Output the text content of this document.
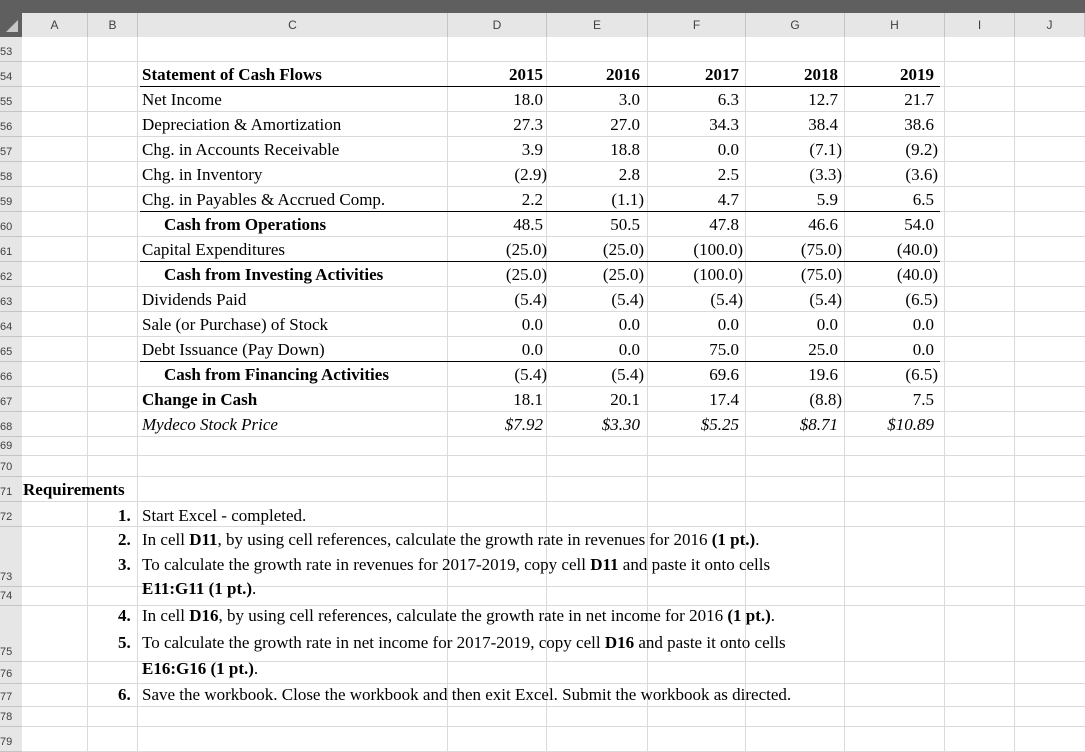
A	B	C	D	E	F	G	H	I	J
53
54
55
56
57
58
59
60
61
62
63
64
65
66
67
68
69
70
71
72
73
74
75
76
77
78
79
Statement of Cash Flows	2015	2016	2017	2018	2019
Net Income	18.0	3.0	6.3	12.7	21.7
Depreciation & Amortization	27.3	27.0	34.3	38.4	38.6
Chg. in Accounts Receivable	3.9	18.8	0.0	(7.1)	(9.2)
Chg. in Inventory	(2.9)	2.8	2.5	(3.3)	(3.6)
Chg. in Payables & Accrued Comp.	2.2	(1.1)	4.7	5.9	6.5
Cash from Operations	48.5	50.5	47.8	46.6	54.0
Capital Expenditures	(25.0)	(25.0)	(100.0)	(75.0)	(40.0)
Cash from Investing Activities	(25.0)	(25.0)	(100.0)	(75.0)	(40.0)
Dividends Paid	(5.4)	(5.4)	(5.4)	(5.4)	(6.5)
Sale (or Purchase) of Stock	0.0	0.0	0.0	0.0	0.0
Debt Issuance (Pay Down)	0.0	0.0	75.0	25.0	0.0
Cash from Financing Activities	(5.4)	(5.4)	69.6	19.6	(6.5)
Change in Cash	18.1	20.1	17.4	(8.8)	7.5
Mydeco Stock Price	$7.92	$3.30	$5.25	$8.71	$10.89
Requirements
1. Start Excel - completed.
2. In cell D11, by using cell references, calculate the growth rate in revenues for 2016 (1 pt.).
3. To calculate the growth rate in revenues for 2017-2019, copy cell D11 and paste it onto cells
E11:G11 (1 pt.).
4. In cell D16, by using cell references, calculate the growth rate in net income for 2016 (1 pt.).
5. To calculate the growth rate in net income for 2017-2019, copy cell D16 and paste it onto cells
E16:G16 (1 pt.).
6. Save the workbook. Close the workbook and then exit Excel. Submit the workbook as directed.
